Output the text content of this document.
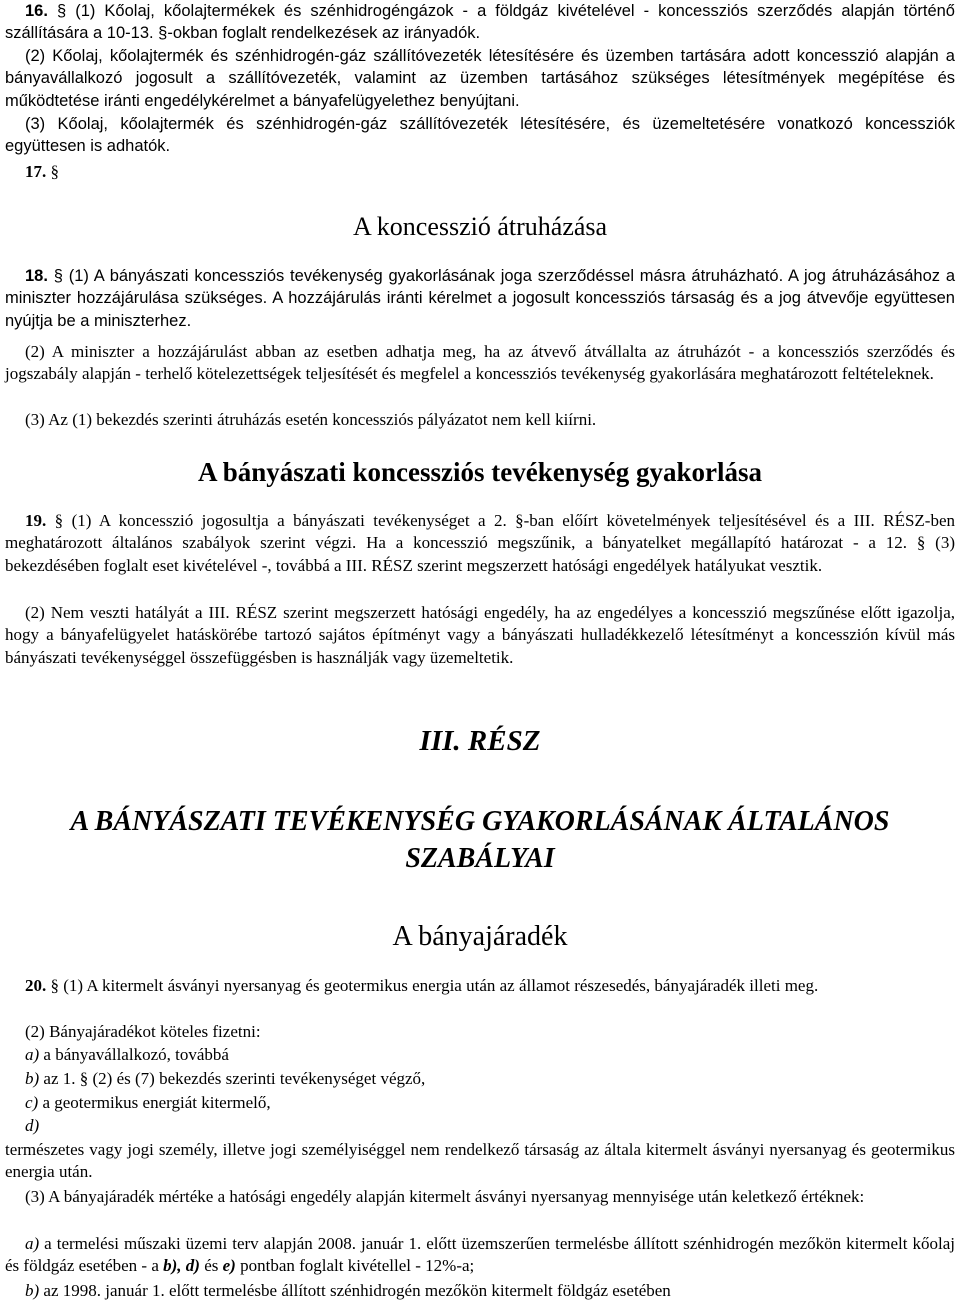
16. § (1) Kőolaj, kőolajtermékek és szénhidrogéngázok - a földgáz kivételével - koncessziós szerződés alapján történő szállítására a 10-13. §-okban foglalt rendelkezések az irányadók.

(2) Kőolaj, kőolajtermék és szénhidrogén-gáz szállítóvezeték létesítésére és üzemben tartására adott koncesszió alapján a bányavállalkozó jogosult a szállítóvezeték, valamint az üzemben tartásához szükséges létesítmények megépítése és működtetése iránti engedélykérelmet a bányafelügyelethez benyújtani.

(3) Kőolaj, kőolajtermék és szénhidrogén-gáz szállítóvezeték létesítésére, és üzemeltetésére vonatkozó koncessziók együttesen is adhatók.

17. §

A koncesszió átruházása

18. § (1) A bányászati koncessziós tevékenység gyakorlásának joga szerződéssel másra átruházható. A jog átruházásához a miniszter hozzájárulása szükséges. A hozzájárulás iránti kérelmet a jogosult koncessziós társaság és a jog átvevője együttesen nyújtja be a miniszterhez.

(2) A miniszter a hozzájárulást abban az esetben adhatja meg, ha az átvevő átvállalta az átruházót - a koncessziós szerződés és jogszabály alapján - terhelő kötelezettségek teljesítését és megfelel a koncessziós tevékenység gyakorlására meghatározott feltételeknek.

(3) Az (1) bekezdés szerinti átruházás esetén koncessziós pályázatot nem kell kiírni.

A bányászati koncessziós tevékenység gyakorlása

19. § (1) A koncesszió jogosultja a bányászati tevékenységet a 2. §-ban előírt követelmények teljesítésével és a III. RÉSZ-ben meghatározott általános szabályok szerint végzi. Ha a koncesszió megszűnik, a bányatelket megállapító határozat - a 12. § (3) bekezdésében foglalt eset kivételével -, továbbá a III. RÉSZ szerint megszerzett hatósági engedélyek hatályukat vesztik.

(2) Nem veszti hatályát a III. RÉSZ szerint megszerzett hatósági engedély, ha az engedélyes a koncesszió megszűnése előtt igazolja, hogy a bányafelügyelet hatáskörébe tartozó sajátos építményt vagy a bányászati hulladékkezelő létesítményt a koncesszión kívül más bányászati tevékenységgel összefüggésben is használják vagy üzemeltetik.

III. RÉSZ

A BÁNYÁSZATI TEVÉKENYSÉG GYAKORLÁSÁNAK ÁLTALÁNOS

SZABÁLYAI

A bányajáradék

20. § (1) A kitermelt ásványi nyersanyag és geotermikus energia után az államot részesedés, bányajáradék illeti meg.

(2) Bányajáradékot köteles fizetni:

a) a bányavállalkozó, továbbá

b) az 1. § (2) és (7) bekezdés szerinti tevékenységet végző,

c) a geotermikus energiát kitermelő,

d)

természetes vagy jogi személy, illetve jogi személyiséggel nem rendelkező társaság az általa kitermelt ásványi nyersanyag és geotermikus energia után.

(3) A bányajáradék mértéke a hatósági engedély alapján kitermelt ásványi nyersanyag mennyisége után keletkező értéknek:

a) a termelési műszaki üzemi terv alapján 2008. január 1. előtt üzemszerűen termelésbe állított szénhidrogén mezőkön kitermelt kőolaj és földgáz esetében - a b), d) és e) pontban foglalt kivétellel - 12%-a;

b) az 1998. január 1. előtt termelésbe állított szénhidrogén mezőkön kitermelt földgáz esetében
